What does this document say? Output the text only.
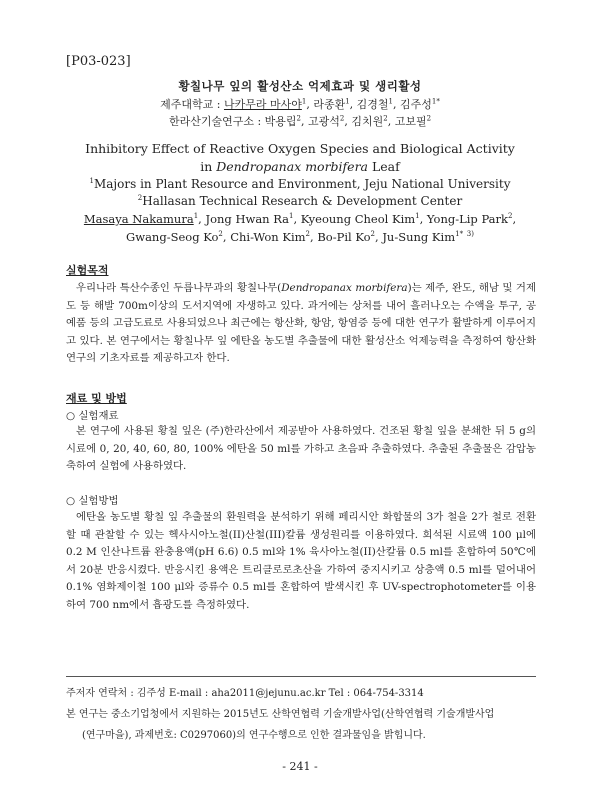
[P03-023]
황칠나무 잎의 활성산소 억제효과 및 생리활성
제주대학교 : 나카무라 마사야$^1$, 라종환$^1$, 김경철$^1$, 김주성$^{1*}$
한라산기술연구소 : 박용립$^2$, 고광석$^2$, 김치원$^2$, 고보필$^2$
Inhibitory Effect of Reactive Oxygen Species and Biological Activity
in Dendropanax morbifera Leaf
$^1$Majors in Plant Resource and Environment, Jeju National University
$^2$Hallasan Technical Research & Development Center
Masaya Nakamura$^1$, Jong Hwan Ra$^1$, Kyeoung Cheol Kim$^1$, Yong-Lip Park$^2$,
Gwang-Seog Ko$^2$, Chi-Won Kim$^2$, Bo-Pil Ko$^2$, Ju-Sung Kim$^{1*}$ $^{3)}$
실험목적

우리나라 특산수종인 두릅나무과의 황칠나무(Dendropanax morbifera)는 제주, 완도, 해남 및 거제도 등 해발 700m이상의 도서지역에 자생하고 있다. 과거에는 상처를 내어 흘러나오는 수액을 투구, 공예품 등의 고급도료로 사용되었으나 최근에는 항산화, 항암, 항염증 등에 대한 연구가 활발하게 이루어지고 있다. 본 연구에서는 황칠나무 잎 에탄올 농도별 추출물에 대한 활성산소 억제능력을 측정하여 항산화 연구의 기초자료를 제공하고자 한다.

재료 및 방법
○ 실험재료

본 연구에 사용된 황칠 잎은 (주)한라산에서 제공받아 사용하였다. 건조된 황칠 잎을 분쇄한 뒤 5 g의 시료에 0, 20, 40, 60, 80, 100% 에탄올 50 ml를 가하고 초음파 추출하였다. 추출된 추출물은 감압농축하여 실험에 사용하였다.

○ 실험방법

에탄올 농도별 황칠 잎 추출물의 환원력을 분석하기 위해 페리시안 화합물의 3가 철을 2가 철로 전환할 때 관찰할 수 있는 헥사시아노철(II)산철(III)칼륨 생성원리를 이용하였다. 희석된 시료액 100 μl에 0.2 M 인산나트륨 완충용액(pH 6.6) 0.5 ml와 1% 육사아노철(II)산칼륨 0.5 ml를 혼합하여 50℃에서 20분 반응시켰다. 반응시킨 용액은 트리클로로초산을 가하여 중지시키고 상층액 0.5 ml를 덜어내어 0.1% 염화제이철 100 μl와 증류수 0.5 ml를 혼합하여 발색시킨 후 UV-spectrophotometer를 이용하여 700 nm에서 흡광도를 측정하였다.

주저자 연락처 : 김주성 E-mail : aha2011@jejunu.ac.kr Tel : 064-754-3314
본 연구는 중소기업청에서 지원하는 2015년도 산학연협력 기술개발사업(산학연협력 기술개발사업
(연구마을), 과제번호: C0297060)의 연구수행으로 인한 결과물임을 밝힙니다.
- 241 -
